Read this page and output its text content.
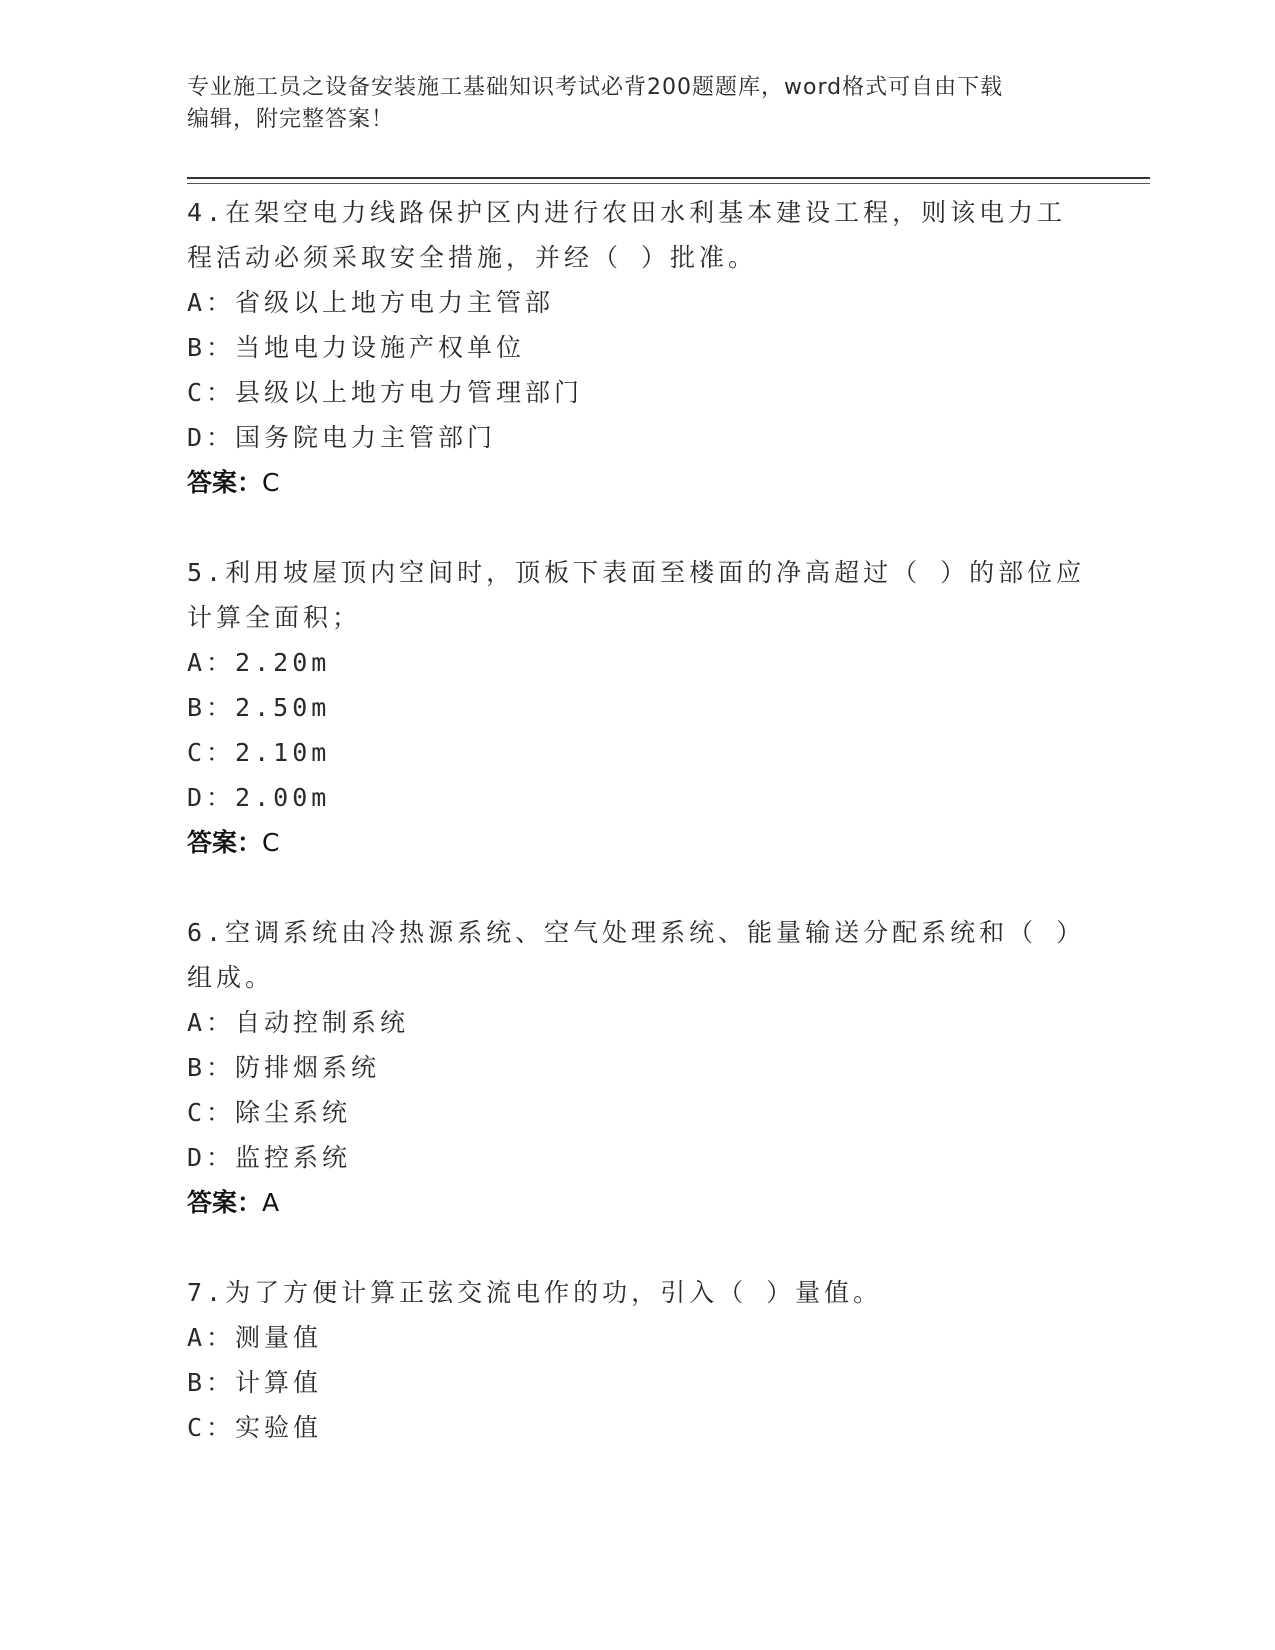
专业施工员之设备安装施工基础知识考试必背200题题库，word格式可自由下载
编辑，附完整答案！

4.在架空电力线路保护区内进行农田水利基本建设工程，则该电力工

程活动必须采取安全措施，并经（ ）批准。

A：省级以上地方电力主管部

B：当地电力设施产权单位

C：县级以上地方电力管理部门

D：国务院电力主管部门

答案：C

5.利用坡屋顶内空间时，顶板下表面至楼面的净高超过（ ）的部位应

计算全面积；

A：2.20m

B：2.50m

C：2.10m

D：2.00m

答案：C

6.空调系统由冷热源系统、空气处理系统、能量输送分配系统和（ ）

组成。

A：自动控制系统

B：防排烟系统

C：除尘系统

D：监控系统

答案：A

7.为了方便计算正弦交流电作的功，引入（ ）量值。

A：测量值

B：计算值

C：实验值
